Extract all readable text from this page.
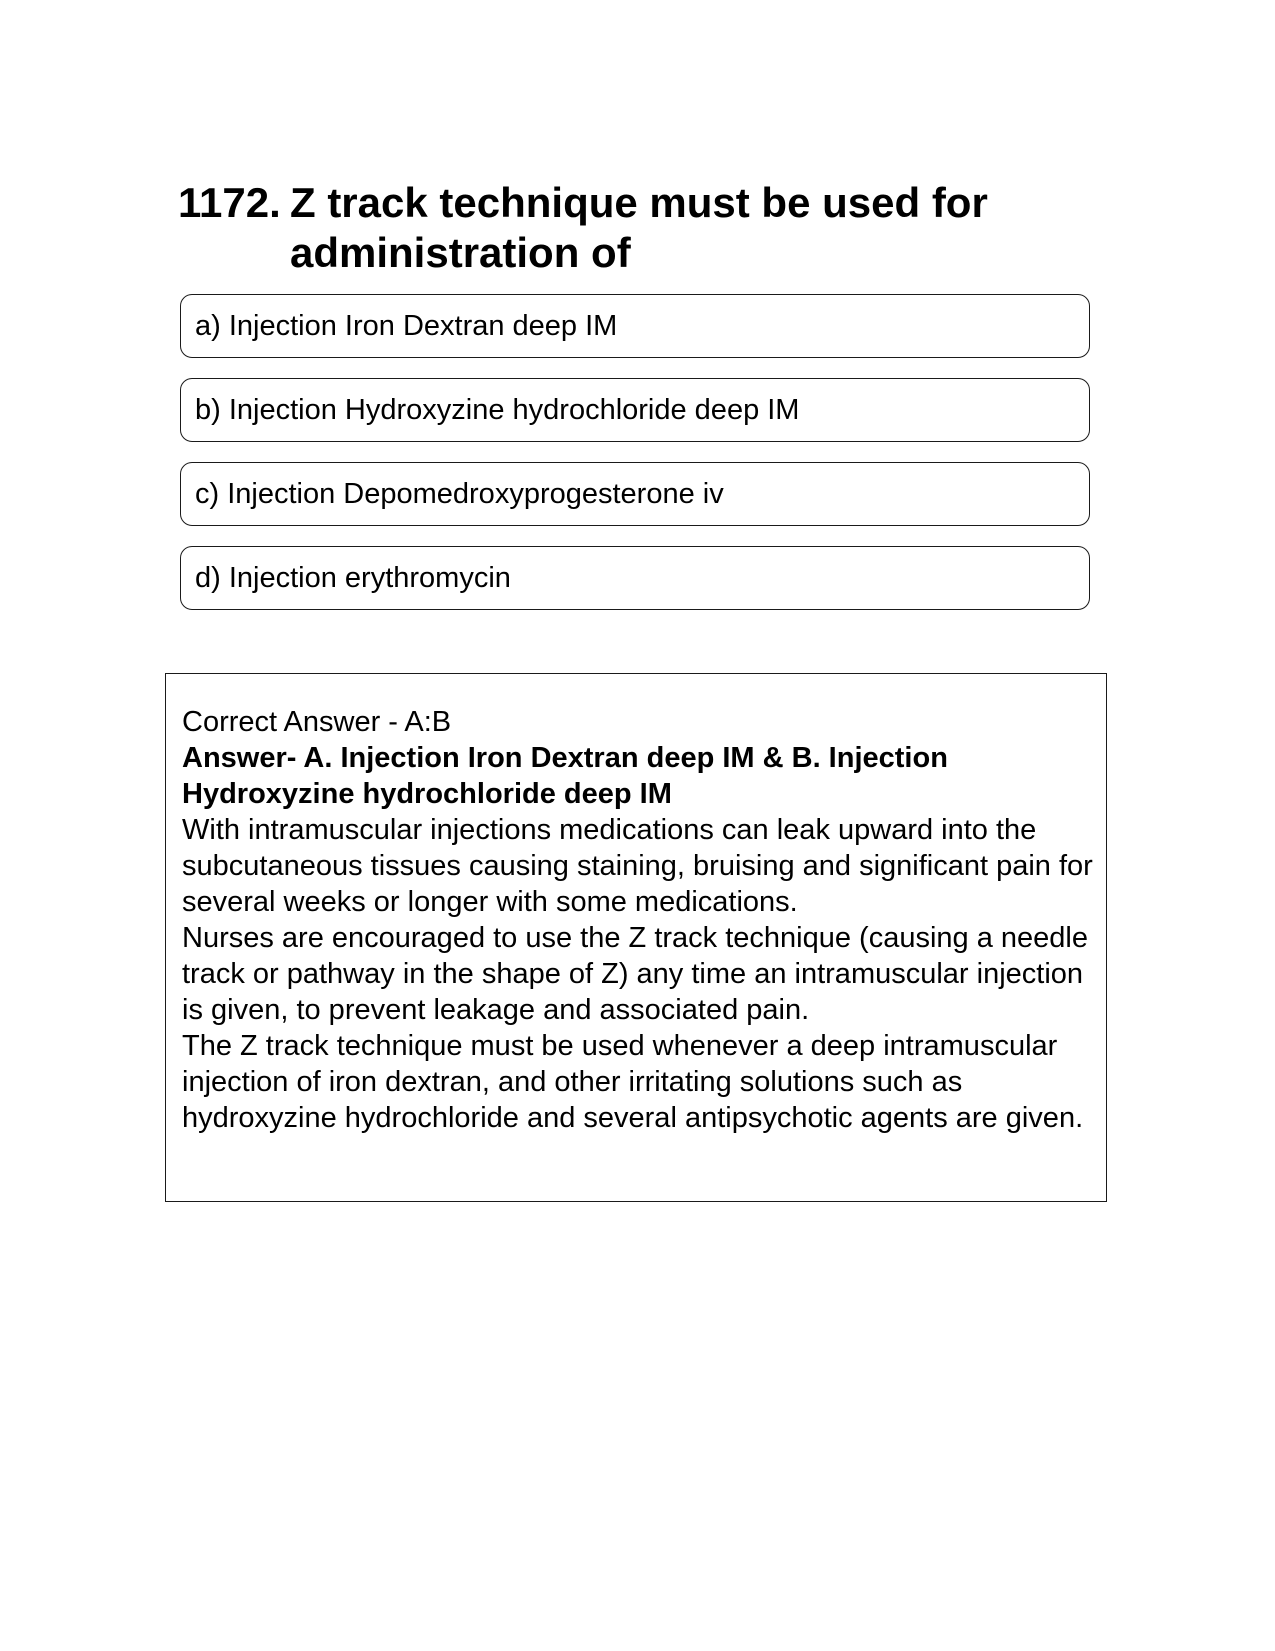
1172. Z track technique must be used for administration of
a) Injection Iron Dextran deep IM
b) Injection Hydroxyzine hydrochloride deep IM
c) Injection Depomedroxyprogesterone iv
d) Injection erythromycin

Correct Answer - A:B

Answer- A. Injection Iron Dextran deep IM & B. Injection Hydroxyzine hydrochloride deep IM

With intramuscular injections medications can leak upward into the subcutaneous tissues causing staining, bruising and significant pain for several weeks or longer with some medications.

Nurses are encouraged to use the Z track technique (causing a needle track or pathway in the shape of Z) any time an intramuscular injection is given, to prevent leakage and associated pain.

The Z track technique must be used whenever a deep intramuscular injection of iron dextran, and other irritating solutions such as hydroxyzine hydrochloride and several antipsychotic agents are given.
